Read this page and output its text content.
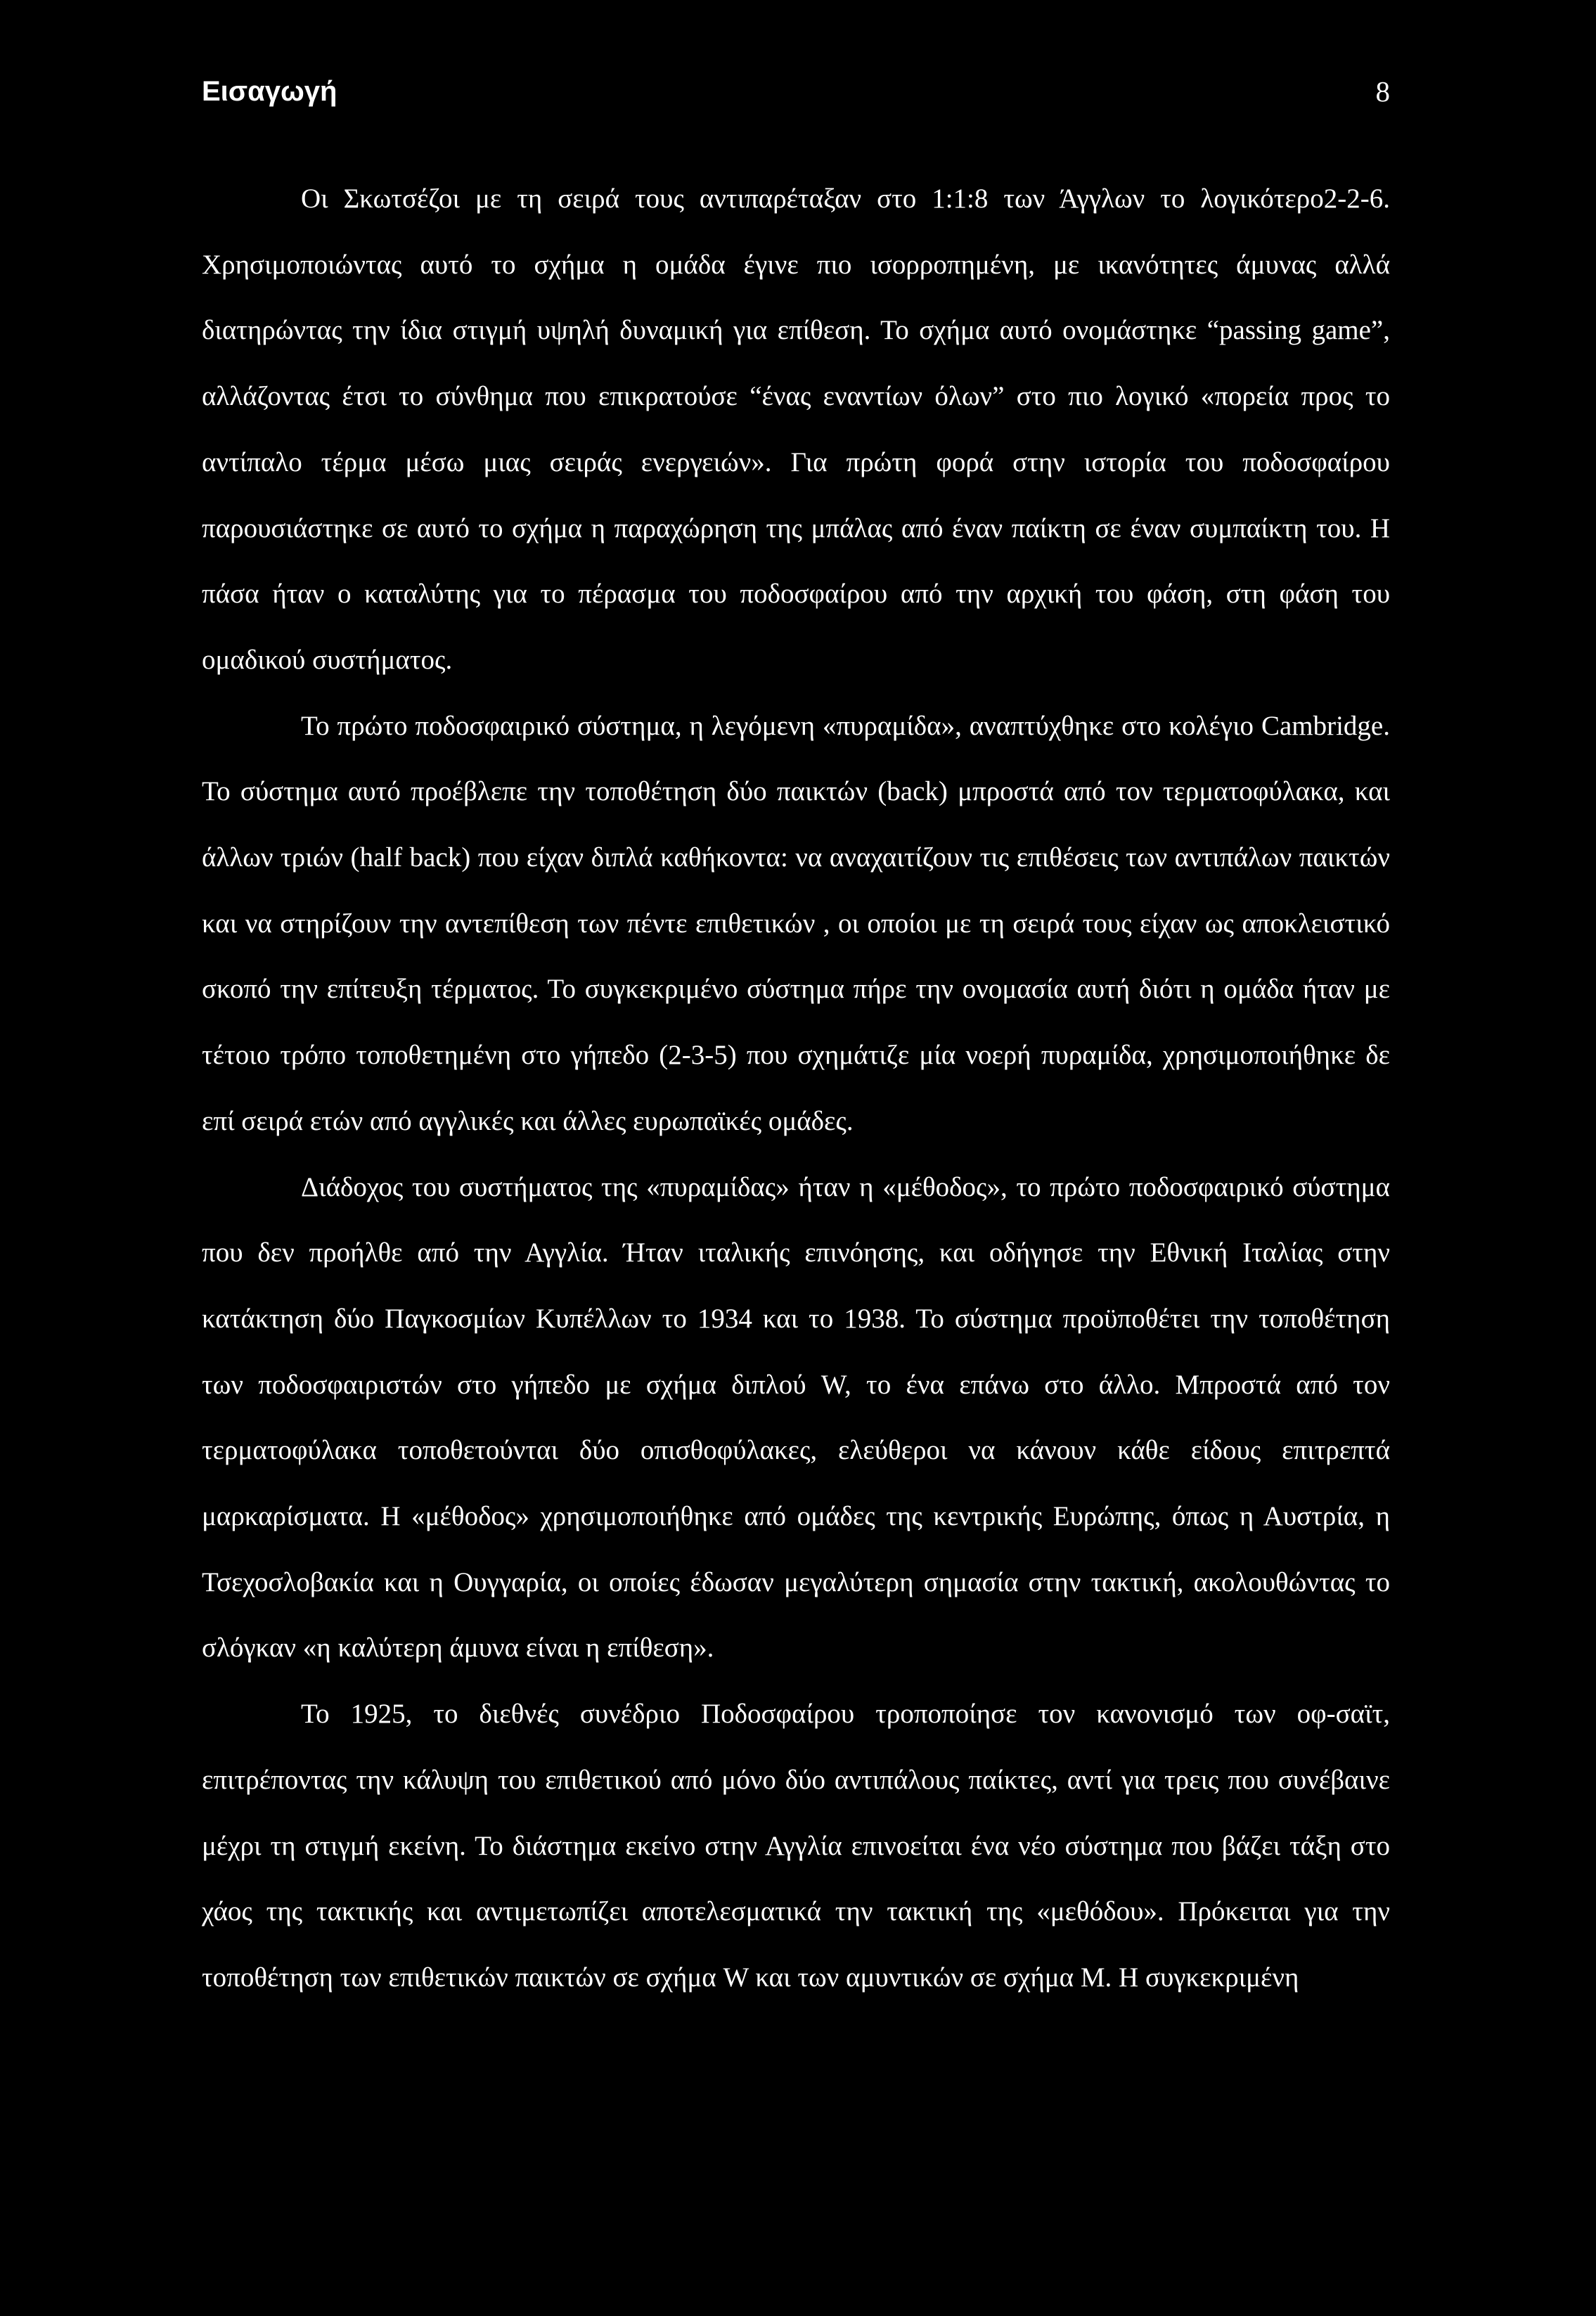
Εισαγωγή	8

Οι Σκωτσέζοι με τη σειρά τους αντιπαρέταξαν στο 1:1:8 των Άγγλων το λογικότερο2-2-6. Χρησιμοποιώντας αυτό το σχήμα η ομάδα έγινε πιο ισορροπημένη, με ικανότητες άμυνας αλλά διατηρώντας την ίδια στιγμή υψηλή δυναμική για επίθεση. Το σχήμα αυτό ονομάστηκε “passing game”, αλλάζοντας έτσι το σύνθημα που επικρατούσε “ένας εναντίων όλων” στο πιο λογικό «πορεία προς το αντίπαλο τέρμα μέσω μιας σειράς ενεργειών». Για πρώτη φορά στην ιστορία του ποδοσφαίρου παρουσιάστηκε σε αυτό το σχήμα η παραχώρηση της μπάλας από έναν παίκτη σε έναν συμπαίκτη του. Η πάσα ήταν ο καταλύτης για το πέρασμα του ποδοσφαίρου από την αρχική του φάση, στη φάση του ομαδικού συστήματος.

Το πρώτο ποδοσφαιρικό σύστημα, η λεγόμενη «πυραμίδα», αναπτύχθηκε στο κολέγιο Cambridge. Το σύστημα αυτό προέβλεπε την τοποθέτηση δύο παικτών (back) μπροστά από τον τερματοφύλακα, και άλλων τριών (half back) που είχαν διπλά καθήκοντα: να αναχαιτίζουν τις επιθέσεις των αντιπάλων παικτών και να στηρίζουν την αντεπίθεση των πέντε επιθετικών , οι οποίοι με τη σειρά τους είχαν ως αποκλειστικό σκοπό την επίτευξη τέρματος. Το συγκεκριμένο σύστημα πήρε την ονομασία αυτή διότι η ομάδα ήταν με τέτοιο τρόπο τοποθετημένη στο γήπεδο (2-3-5) που σχημάτιζε μία νοερή πυραμίδα, χρησιμοποιήθηκε δε επί σειρά ετών από αγγλικές και άλλες ευρωπαϊκές ομάδες.

Διάδοχος του συστήματος της «πυραμίδας» ήταν η «μέθοδος», το πρώτο ποδοσφαιρικό σύστημα που δεν προήλθε από την Αγγλία. Ήταν ιταλικής επινόησης, και οδήγησε την Εθνική Ιταλίας στην κατάκτηση δύο Παγκοσμίων Κυπέλλων το 1934 και το 1938. Το σύστημα προϋποθέτει την τοποθέτηση των ποδοσφαιριστών στο γήπεδο με σχήμα διπλού W, το ένα επάνω στο άλλο. Μπροστά από τον τερματοφύλακα τοποθετούνται δύο οπισθοφύλακες, ελεύθεροι να κάνουν κάθε είδους επιτρεπτά μαρκαρίσματα. Η «μέθοδος» χρησιμοποιήθηκε από ομάδες της κεντρικής Ευρώπης, όπως η Αυστρία, η Τσεχοσλοβακία και η Ουγγαρία, οι οποίες έδωσαν μεγαλύτερη σημασία στην τακτική, ακολουθώντας το σλόγκαν «η καλύτερη άμυνα είναι η επίθεση».

Το 1925, το διεθνές συνέδριο Ποδοσφαίρου τροποποίησε τον κανονισμό των οφ-σαϊτ, επιτρέποντας την κάλυψη του επιθετικού από μόνο δύο αντιπάλους παίκτες, αντί για τρεις που συνέβαινε μέχρι τη στιγμή εκείνη. Το διάστημα εκείνο στην Αγγλία επινοείται ένα νέο σύστημα που βάζει τάξη στο χάος της τακτικής και αντιμετωπίζει αποτελεσματικά την τακτική της «μεθόδου». Πρόκειται για την τοποθέτηση των επιθετικών παικτών σε σχήμα W και των αμυντικών σε σχήμα M. Η συγκεκριμένη
